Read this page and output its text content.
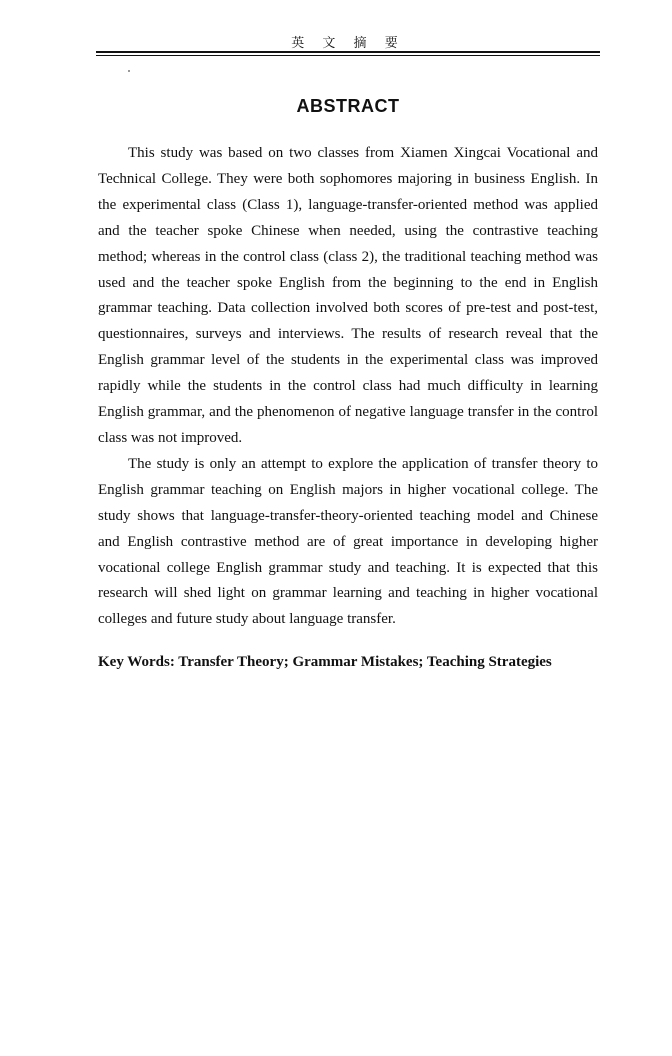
英 文 摘 要
ABSTRACT

This study was based on two classes from Xiamen Xingcai Vocational and Technical College. They were both sophomores majoring in business English. In the experimental class (Class 1), language-transfer-oriented method was applied and the teacher spoke Chinese when needed, using the contrastive teaching method; whereas in the control class (class 2), the traditional teaching method was used and the teacher spoke English from the beginning to the end in English grammar teaching. Data collection involved both scores of pre-test and post-test, questionnaires, surveys and interviews. The results of research reveal that the English grammar level of the students in the experimental class was improved rapidly while the students in the control class had much difficulty in learning English grammar, and the phenomenon of negative language transfer in the control class was not improved.

The study is only an attempt to explore the application of transfer theory to English grammar teaching on English majors in higher vocational college. The study shows that language-transfer-theory-oriented teaching model and Chinese and English contrastive method are of great importance in developing higher vocational college English grammar study and teaching. It is expected that this research will shed light on grammar learning and teaching in higher vocational colleges and future study about language transfer.

Key Words: Transfer Theory; Grammar Mistakes; Teaching Strategies
